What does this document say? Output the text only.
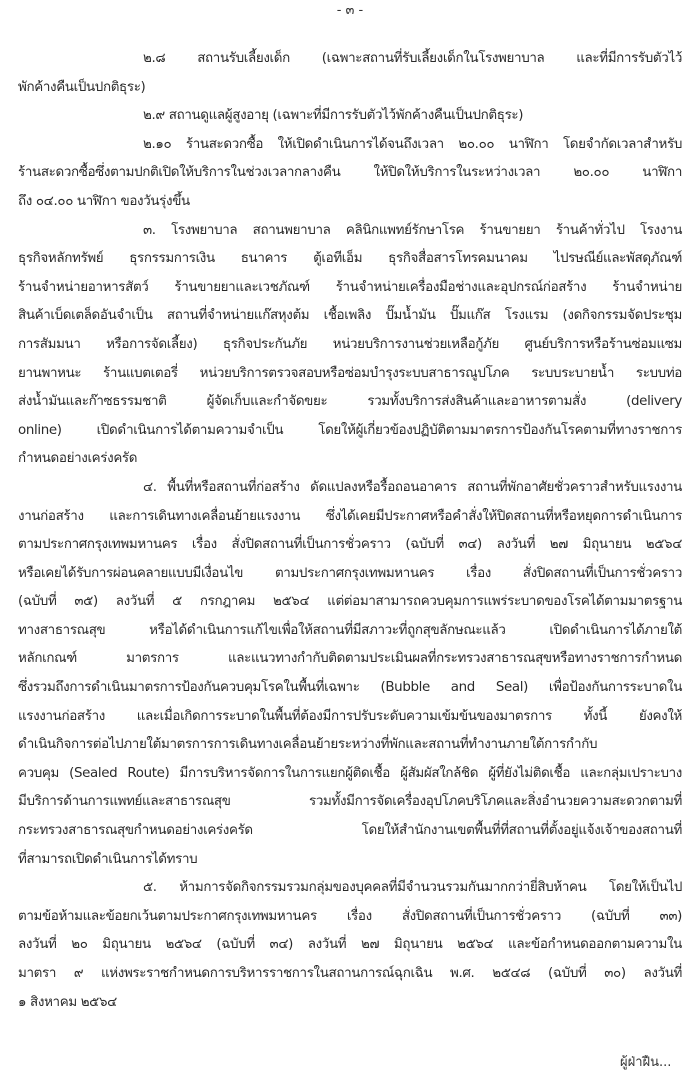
- ๓ -
๒.๘ สถานรับเลี้ยงเด็ก (เฉพาะสถานที่รับเลี้ยงเด็กในโรงพยาบาล และที่มีการรับตัวไว้
พักค้างคืนเป็นปกติธุระ)
๒.๙ สถานดูแลผู้สูงอายุ (เฉพาะที่มีการรับตัวไว้พักค้างคืนเป็นปกติธุระ)
๒.๑๐ ร้านสะดวกซื้อ ให้เปิดดำเนินการได้จนถึงเวลา ๒๐.๐๐ นาฬิกา โดยจำกัดเวลาสำหรับ
ร้านสะดวกซื้อซึ่งตามปกติเปิดให้บริการในช่วงเวลากลางคืน ให้ปิดให้บริการในระหว่างเวลา ๒๐.๐๐ นาฬิกา
ถึง ๐๔.๐๐ นาฬิกา ของวันรุ่งขึ้น
๓. โรงพยาบาล สถานพยาบาล คลินิกแพทย์รักษาโรค ร้านขายยา ร้านค้าทั่วไป โรงงาน
ธุรกิจหลักทรัพย์ ธุรกรรมการเงิน ธนาคาร ตู้เอทีเอ็ม ธุรกิจสื่อสารโทรคมนาคม ไปรษณีย์และพัสดุภัณฑ์
ร้านจำหน่ายอาหารสัตว์ ร้านขายยาและเวชภัณฑ์ ร้านจำหน่ายเครื่องมือช่างและอุปกรณ์ก่อสร้าง ร้านจำหน่าย
สินค้าเบ็ดเตล็ดอันจำเป็น สถานที่จำหน่ายแก๊สหุงต้ม เชื้อเพลิง ปั๊มน้ำมัน ปั๊มแก๊ส โรงแรม (งดกิจกรรมจัดประชุม
การสัมมนา หรือการจัดเลี้ยง) ธุรกิจประกันภัย หน่วยบริการงานช่วยเหลือกู้ภัย ศูนย์บริการหรือร้านซ่อมแซม
ยานพาหนะ ร้านแบตเตอรี่ หน่วยบริการตรวจสอบหรือซ่อมบำรุงระบบสาธารณูปโภค ระบบระบายน้ำ ระบบท่อ
ส่งน้ำมันและก๊าซธรรมชาติ ผู้จัดเก็บและกำจัดขยะ รวมทั้งบริการส่งสินค้าและอาหารตามสั่ง (delivery
online) เปิดดำเนินการได้ตามความจำเป็น โดยให้ผู้เกี่ยวข้องปฏิบัติตามมาตรการป้องกันโรคตามที่ทางราชการ
กำหนดอย่างเคร่งครัด
๔. พื้นที่หรือสถานที่ก่อสร้าง ดัดแปลงหรือรื้อถอนอาคาร สถานที่พักอาศัยชั่วคราวสำหรับแรงงาน
งานก่อสร้าง และการเดินทางเคลื่อนย้ายแรงงาน ซึ่งได้เคยมีประกาศหรือคำสั่งให้ปิดสถานที่หรือหยุดการดำเนินการ
ตามประกาศกรุงเทพมหานคร เรื่อง สั่งปิดสถานที่เป็นการชั่วคราว (ฉบับที่ ๓๔) ลงวันที่ ๒๗ มิถุนายน ๒๕๖๔
หรือเคยได้รับการผ่อนคลายแบบมีเงื่อนไข ตามประกาศกรุงเทพมหานคร เรื่อง สั่งปิดสถานที่เป็นการชั่วคราว
(ฉบับที่ ๓๕) ลงวันที่ ๕ กรกฎาคม ๒๕๖๔ แต่ต่อมาสามารถควบคุมการแพร่ระบาดของโรคได้ตามมาตรฐาน
ทางสาธารณสุข หรือได้ดำเนินการแก้ไขเพื่อให้สถานที่มีสภาวะที่ถูกสุขลักษณะแล้ว เปิดดำเนินการได้ภายใต้
หลักเกณฑ์ มาตรการ และแนวทางกำกับติดตามประเมินผลที่กระทรวงสาธารณสุขหรือทางราชการกำหนด
ซึ่งรวมถึงการดำเนินมาตรการป้องกันควบคุมโรคในพื้นที่เฉพาะ (Bubble and Seal) เพื่อป้องกันการระบาดใน
แรงงานก่อสร้าง และเมื่อเกิดการระบาดในพื้นที่ต้องมีการปรับระดับความเข้มข้นของมาตรการ ทั้งนี้ ยังคงให้
ดำเนินกิจการต่อไปภายใต้มาตรการการเดินทางเคลื่อนย้ายระหว่างที่พักและสถานที่ทำงานภายใต้การกำกับ
ควบคุม (Sealed Route) มีการบริหารจัดการในการแยกผู้ติดเชื้อ ผู้สัมผัสใกล้ชิด ผู้ที่ยังไม่ติดเชื้อ และกลุ่มเปราะบาง
มีบริการด้านการแพทย์และสาธารณสุข รวมทั้งมีการจัดเครื่องอุปโภคบริโภคและสิ่งอำนวยความสะดวกตามที่
กระทรวงสาธารณสุขกำหนดอย่างเคร่งครัด โดยให้สำนักงานเขตพื้นที่ที่สถานที่ตั้งอยู่แจ้งเจ้าของสถานที่
ที่สามารถเปิดดำเนินการได้ทราบ
๕. ห้ามการจัดกิจกรรมรวมกลุ่มของบุคคลที่มีจำนวนรวมกันมากกว่ายี่สิบห้าคน โดยให้เป็นไป
ตามข้อห้ามและข้อยกเว้นตามประกาศกรุงเทพมหานคร เรื่อง สั่งปิดสถานที่เป็นการชั่วคราว (ฉบับที่ ๓๓)
ลงวันที่ ๒๐ มิถุนายน ๒๕๖๔ (ฉบับที่ ๓๔) ลงวันที่ ๒๗ มิถุนายน ๒๕๖๔ และข้อกำหนดออกตามความใน
มาตรา ๙ แห่งพระราชกำหนดการบริหารราชการในสถานการณ์ฉุกเฉิน พ.ศ. ๒๕๔๘ (ฉบับที่ ๓๐) ลงวันที่
๑ สิงหาคม ๒๕๖๔
ผู้ฝ่าฝืน...
